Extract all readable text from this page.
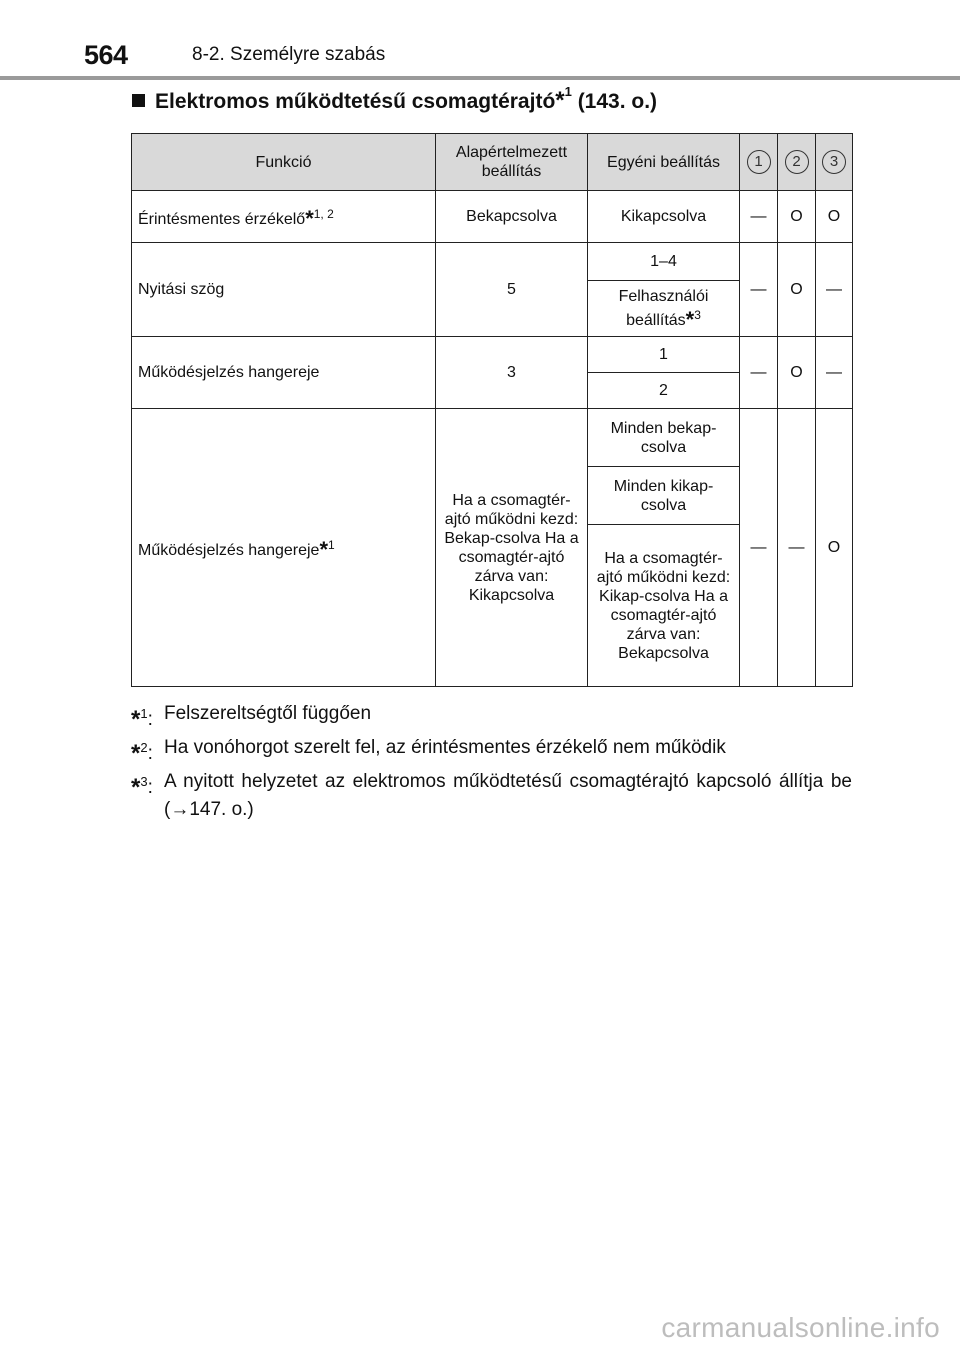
564	8-2. Személyre szabás
Elektromos működtetésű csomagtérajtó*$^1$ (143. o.)
Funkció	Alapértelmezett beállítás	Egyéni beállítás	1	2	3
Érintésmentes érzékelő*$^{1, 2}$	Bekapcsolva	Kikapcsolva	—	O	O
Nyitási szög	5	1–4	—	O	—
		Felhasználói beállítás*$^3$
Működésjelzés hangereje	3	1	—	O	—
		2			
Működésjelzés hangereje*$^1$	Ha a csomagtér-ajtó működni kezd: Bekap-csolva Ha a csomagtér-ajtó zárva van: Kikapcsolva	Minden bekap-csolva	—	—	O
		Minden kikap-csolva			
		Ha a csomagtér-ajtó működni kezd: Kikap-csolva Ha a csomagtér-ajtó zárva van: Bekapcsolva			
*$^1$: Felszereltségtől függően
*$^2$: Ha vonóhorgot szerelt fel, az érintésmentes érzékelő nem működik
*$^3$: A nyitott helyzetet az elektromos működtetésű csomagtérajtó kapcsoló állítja be (→147. o.)
carmanualsonline.info
